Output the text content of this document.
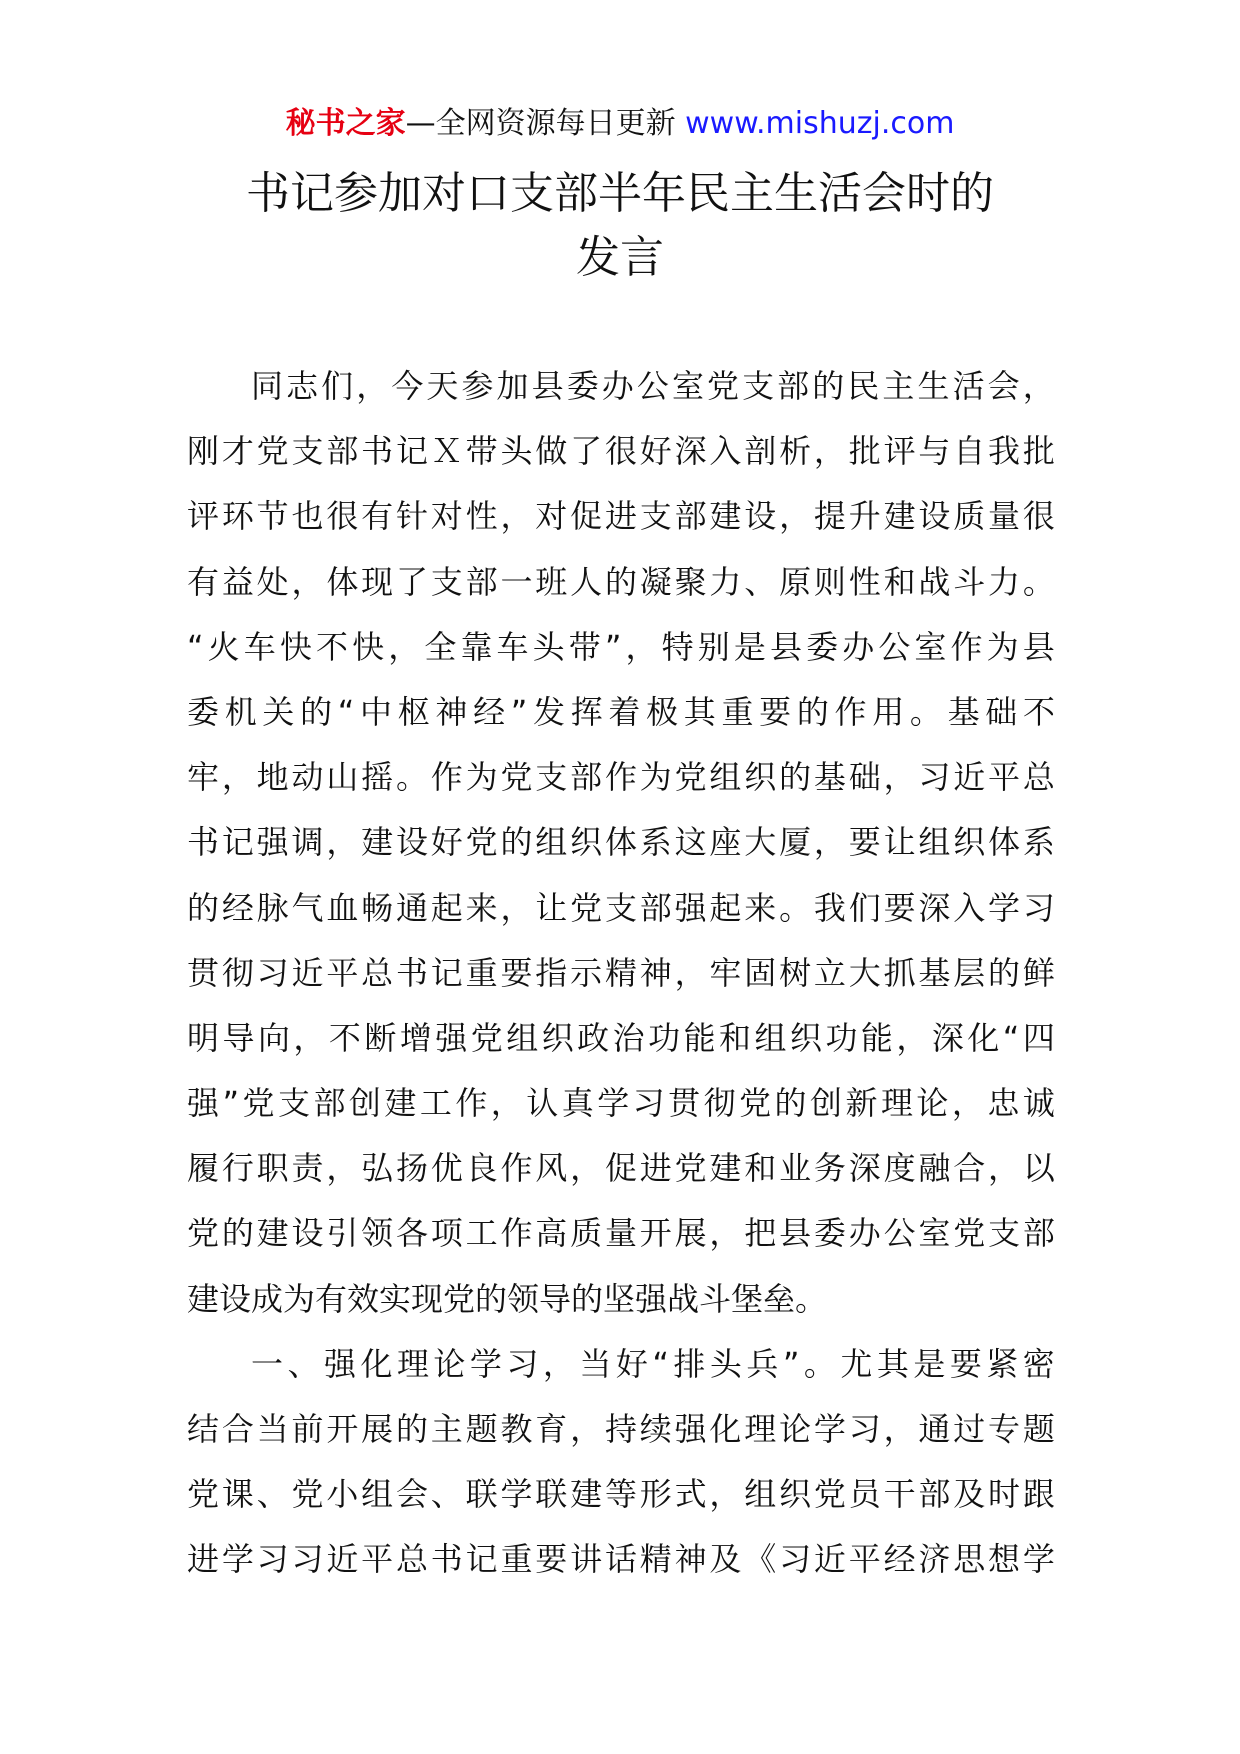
秘书之家—全网资源每日更新 www.mishuzj.com
书记参加对口支部半年民主生活会时的
发言
同 志 们 ， 今 天 参 加 县 委 办 公 室 党 支 部 的 民 主 生 活 会 ，
刚 才 党 支 部 书 记 Ｘ 带 头 做 了 很 好 深 入 剖 析 ， 批 评 与 自 我 批
评 环 节 也 很 有 针 对 性 ， 对 促 进 支 部 建 设 ， 提 升 建 设 质 量 很
有 益 处 ， 体 现 了 支 部 一 班 人 的 凝 聚 力 、 原 则 性 和 战 斗 力 。
“ 火 车 快 不 快 ， 全 靠 车 头 带 ” ， 特 别 是 县 委 办 公 室 作 为 县
委 机 关 的 “ 中 枢 神 经 ” 发 挥 着 极 其 重 要 的 作 用 。 基 础 不
牢 ， 地 动 山 摇 。 作 为 党 支 部 作 为 党 组 织 的 基 础 ， 习 近 平 总
书 记 强 调 ， 建 设 好 党 的 组 织 体 系 这 座 大 厦 ， 要 让 组 织 体 系
的 经 脉 气 血 畅 通 起 来 ， 让 党 支 部 强 起 来 。 我 们 要 深 入 学 习
贯 彻 习 近 平 总 书 记 重 要 指 示 精 神 ， 牢 固 树 立 大 抓 基 层 的 鲜
明 导 向 ， 不 断 增 强 党 组 织 政 治 功 能 和 组 织 功 能 ， 深 化 “ 四
强 ” 党 支 部 创 建 工 作 ， 认 真 学 习 贯 彻 党 的 创 新 理 论 ， 忠 诚
履 行 职 责 ， 弘 扬 优 良 作 风 ， 促 进 党 建 和 业 务 深 度 融 合 ， 以
党 的 建 设 引 领 各 项 工 作 高 质 量 开 展 ， 把 县 委 办 公 室 党 支 部
建设成为有效实现党的领导的坚强战斗堡垒。
一 、 强 化 理 论 学 习 ， 当 好 “ 排 头 兵 ” 。 尤 其 是 要 紧 密
结 合 当 前 开 展 的 主 题 教 育 ， 持 续 强 化 理 论 学 习 ， 通 过 专 题
党 课 、 党 小 组 会 、 联 学 联 建 等 形 式 ， 组 织 党 员 干 部 及 时 跟
进 学 习 习 近 平 总 书 记 重 要 讲 话 精 神 及 《 习 近 平 经 济 思 想 学
